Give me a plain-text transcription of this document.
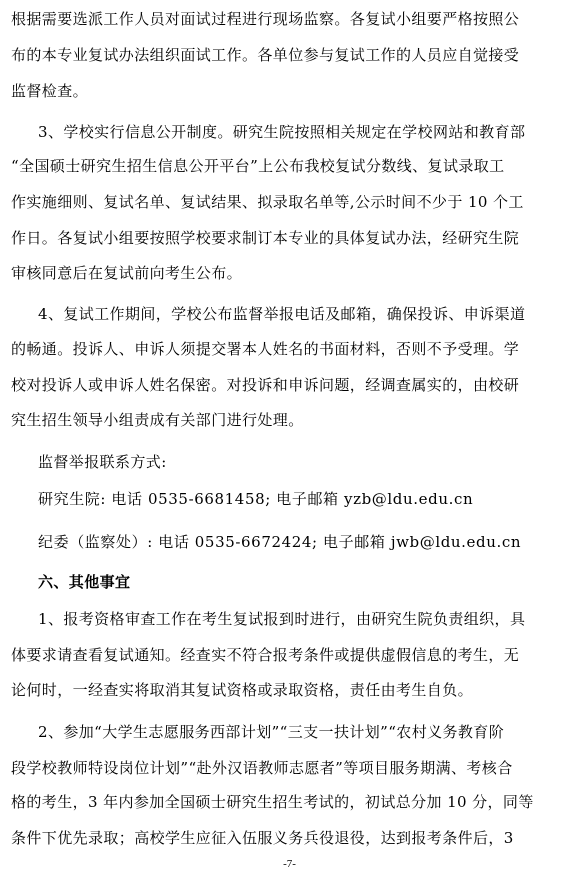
根据需要选派工作人员对面试过程进行现场监察。各复试小组要严格按照公
布的本专业复试办法组织面试工作。各单位参与复试工作的人员应自觉接受
监督检查。
3、学校实行信息公开制度。研究生院按照相关规定在学校网站和教育部
“全国硕士研究生招生信息公开平台”上公布我校复试分数线、复试录取工
作实施细则、复试名单、复试结果、拟录取名单等,公示时间不少于 10 个工
作日。各复试小组要按照学校要求制订本专业的具体复试办法，经研究生院
审核同意后在复试前向考生公布。
4、复试工作期间，学校公布监督举报电话及邮箱，确保投诉、申诉渠道
的畅通。投诉人、申诉人须提交署本人姓名的书面材料，否则不予受理。学
校对投诉人或申诉人姓名保密。对投诉和申诉问题，经调查属实的，由校研
究生招生领导小组责成有关部门进行处理。
监督举报联系方式:
研究生院: 电话 0535-6681458; 电子邮箱 yzb@ldu.edu.cn
纪委（监察处）: 电话 0535-6672424; 电子邮箱 jwb@ldu.edu.cn
六、其他事宜
1、报考资格审查工作在考生复试报到时进行，由研究生院负责组织，具
体要求请查看复试通知。经查实不符合报考条件或提供虚假信息的考生，无
论何时，一经查实将取消其复试资格或录取资格，责任由考生自负。
2、参加“大学生志愿服务西部计划”“三支一扶计划”“农村义务教育阶
段学校教师特设岗位计划”“赴外汉语教师志愿者”等项目服务期满、考核合
格的考生，3 年内参加全国硕士研究生招生考试的，初试总分加 10 分，同等
条件下优先录取；高校学生应征入伍服义务兵役退役，达到报考条件后，3
-7-
